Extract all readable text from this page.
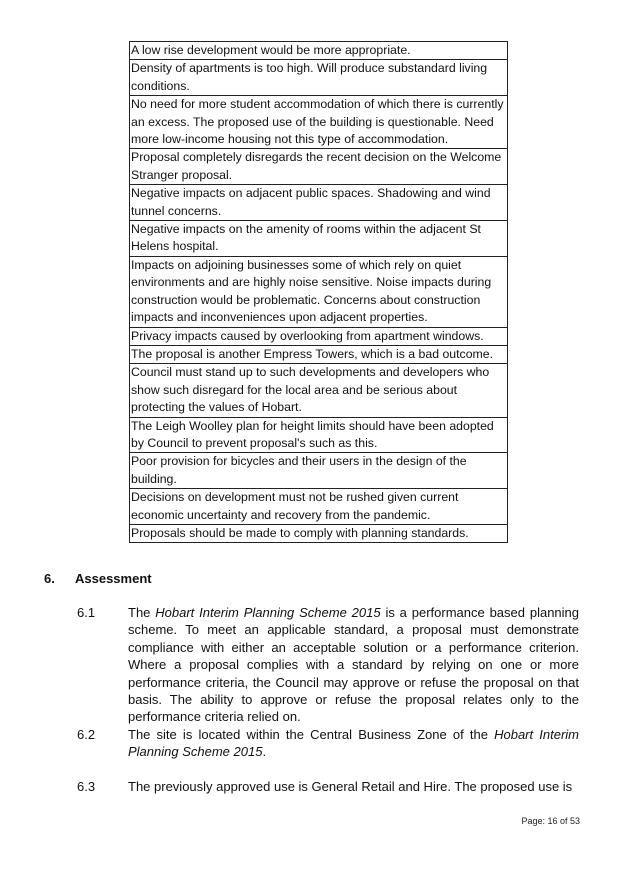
A low rise development would be more appropriate.
Density of apartments is too high. Will produce substandard living conditions.
No need for more student accommodation of which there is currently an excess. The proposed use of the building is questionable. Need more low-income housing not this type of accommodation.
Proposal completely disregards the recent decision on the Welcome Stranger proposal.
Negative impacts on adjacent public spaces. Shadowing and wind tunnel concerns.
Negative impacts on the amenity of rooms within the adjacent St Helens hospital.
Impacts on adjoining businesses some of which rely on quiet environments and are highly noise sensitive. Noise impacts during construction would be problematic. Concerns about construction impacts and inconveniences upon adjacent properties.
Privacy impacts caused by overlooking from apartment windows.
The proposal is another Empress Towers, which is a bad outcome.
Council must stand up to such developments and developers who show such disregard for the local area and be serious about protecting the values of Hobart.
The Leigh Woolley plan for height limits should have been adopted by Council to prevent proposal's such as this.
Poor provision for bicycles and their users in the design of the building.
Decisions on development must not be rushed given current economic uncertainty and recovery from the pandemic.
Proposals should be made to comply with planning standards.
6. Assessment
6.1	The Hobart Interim Planning Scheme 2015 is a performance based planning scheme. To meet an applicable standard, a proposal must demonstrate compliance with either an acceptable solution or a performance criterion. Where a proposal complies with a standard by relying on one or more performance criteria, the Council may approve or refuse the proposal on that basis. The ability to approve or refuse the proposal relates only to the performance criteria relied on.
6.2	The site is located within the Central Business Zone of the Hobart Interim Planning Scheme 2015.
6.3	The previously approved use is General Retail and Hire. The proposed use is
Page: 16 of 53
